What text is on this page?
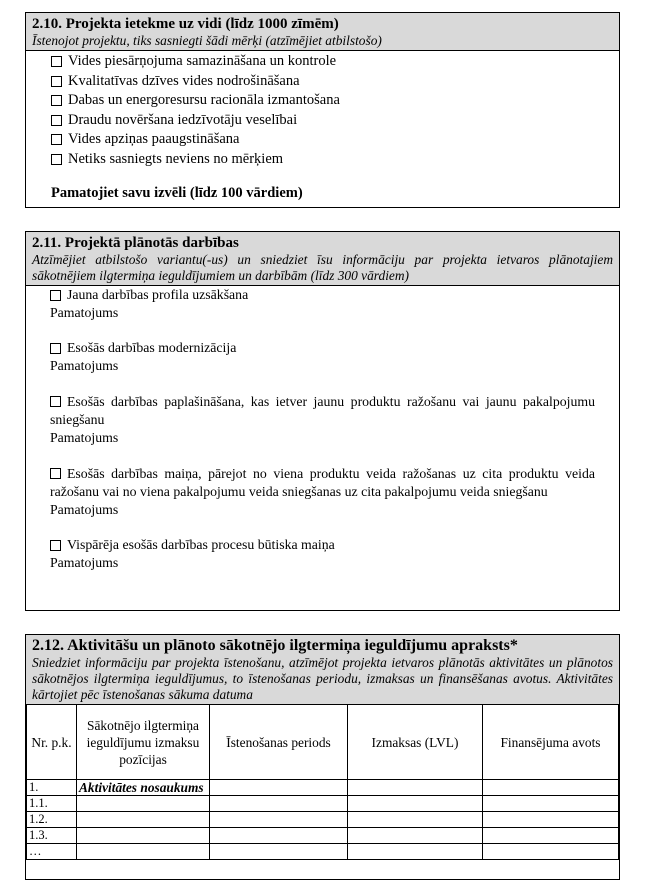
2.10. Projekta ietekme uz vidi (līdz 1000 zīmēm)
Īstenojot projektu, tiks sasniegti šādi mērķi (atzīmējiet atbilstošo)
Vides piesārņojuma samazināšana un kontrole
Kvalitatīvas dzīves vides nodrošināšana
Dabas un energoresursu racionāla izmantošana
Draudu novēršana iedzīvotāju veselībai
Vides apziņas paaugstināšana
Netiks sasniegts neviens no mērķiem
Pamatojiet savu izvēli (līdz 100 vārdiem)
2.11. Projektā plānotās darbības
Atzīmējiet atbilstošo variantu(-us) un sniedziet īsu informāciju par projekta ietvaros plānotajiem sākotnējiem ilgtermiņa ieguldījumiem un darbībām (līdz 300 vārdiem)
Jauna darbības profila uzsākšana
Pamatojums
Esošās darbības modernizācija
Pamatojums
Esošās darbības paplašināšana, kas ietver jaunu produktu ražošanu vai jaunu pakalpojumu sniegšanu
Pamatojums
Esošās darbības maiņa, pārejot no viena produktu veida ražošanas uz cita produktu veida ražošanu vai no viena pakalpojumu veida sniegšanas uz cita pakalpojumu veida sniegšanu
Pamatojums
Vispārēja esošās darbības procesu būtiska maiņa
Pamatojums
2.12. Aktivitāšu un plānoto sākotnējo ilgtermiņa ieguldījumu apraksts*
Sniedziet informāciju par projekta īstenošanu, atzīmējot projekta ietvaros plānotās aktivitātes un plānotos sākotnējos ilgtermiņa ieguldījumus, to īstenošanas periodu, izmaksas un finansēšanas avotus. Aktivitātes kārtojiet pēc īstenošanas sākuma datuma
Nr. p.k.	Sākotnējo ilgtermiņa ieguldījumu izmaksu pozīcijas	Īstenošanas periods	Izmaksas (LVL)	Finansējuma avots
1.	Aktivitātes nosaukums			
1.1.				
1.2.				
1.3.				
…				
